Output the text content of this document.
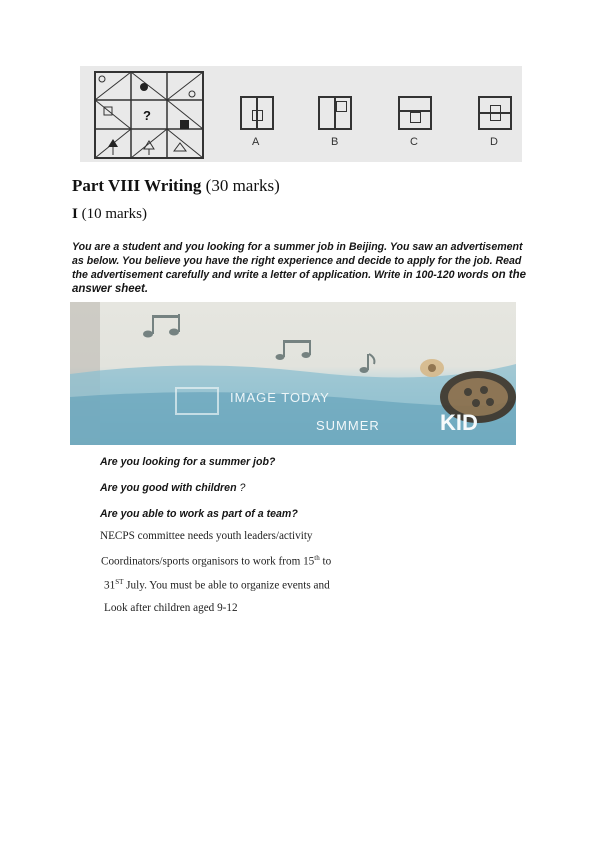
?
A	B	C	D
Part VIII Writing (30 marks)
I (10 marks)
You are a student and you looking for a summer job in Beijing. You saw an advertisement as below. You believe you have the right experience and decide to apply for the job. Read the advertisement carefully and write a letter of application. Write in 100-120 words on the answer sheet.
IMAGE TODAY
SUMMER	KID
Are you looking for a summer job?
Are you good with children ?
Are you able to work as part of a team?
NECPS committee needs youth leaders/activity
Coordinators/sports organisors to work from 15th to
31ST July. You must be able to organize events and
Look after children aged 9-12
